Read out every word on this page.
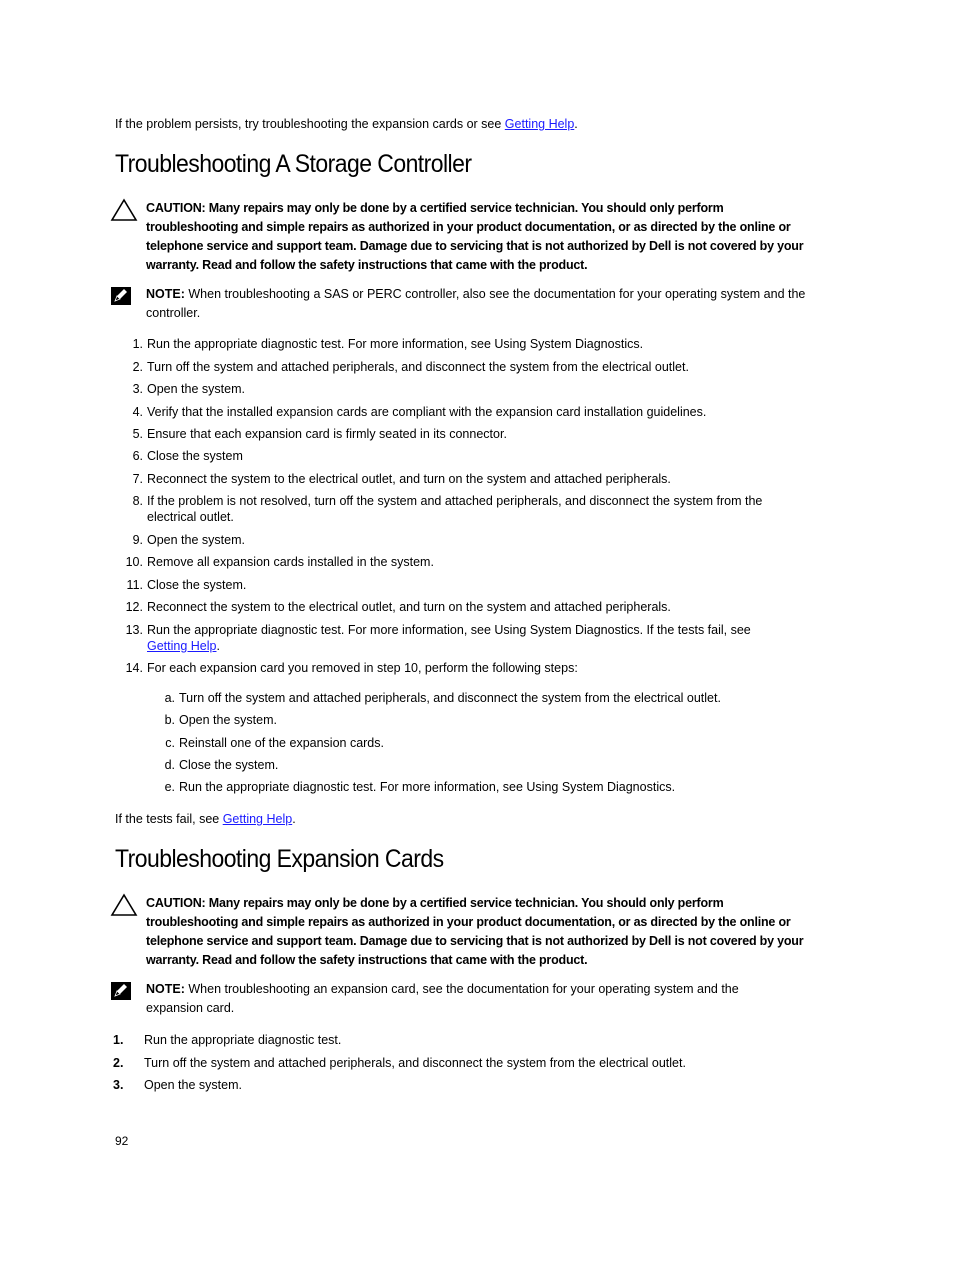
If the problem persists, try troubleshooting the expansion cards or see Getting Help.
Troubleshooting A Storage Controller
CAUTION: Many repairs may only be done by a certified service technician. You should only perform troubleshooting and simple repairs as authorized in your product documentation, or as directed by the online or telephone service and support team. Damage due to servicing that is not authorized by Dell is not covered by your warranty. Read and follow the safety instructions that came with the product.
NOTE: When troubleshooting a SAS or PERC controller, also see the documentation for your operating system and the controller.
1. Run the appropriate diagnostic test. For more information, see Using System Diagnostics.
2. Turn off the system and attached peripherals, and disconnect the system from the electrical outlet.
3. Open the system.
4. Verify that the installed expansion cards are compliant with the expansion card installation guidelines.
5. Ensure that each expansion card is firmly seated in its connector.
6. Close the system
7. Reconnect the system to the electrical outlet, and turn on the system and attached peripherals.
8. If the problem is not resolved, turn off the system and attached peripherals, and disconnect the system from the electrical outlet.
9. Open the system.
10. Remove all expansion cards installed in the system.
11. Close the system.
12. Reconnect the system to the electrical outlet, and turn on the system and attached peripherals.
13. Run the appropriate diagnostic test. For more information, see Using System Diagnostics. If the tests fail, see Getting Help.
14. For each expansion card you removed in step 10, perform the following steps:
a. Turn off the system and attached peripherals, and disconnect the system from the electrical outlet.
b. Open the system.
c. Reinstall one of the expansion cards.
d. Close the system.
e. Run the appropriate diagnostic test. For more information, see Using System Diagnostics.
If the tests fail, see Getting Help.
Troubleshooting Expansion Cards
CAUTION: Many repairs may only be done by a certified service technician. You should only perform troubleshooting and simple repairs as authorized in your product documentation, or as directed by the online or telephone service and support team. Damage due to servicing that is not authorized by Dell is not covered by your warranty. Read and follow the safety instructions that came with the product.
NOTE: When troubleshooting an expansion card, see the documentation for your operating system and the expansion card.
1.	Run the appropriate diagnostic test.
2.	Turn off the system and attached peripherals, and disconnect the system from the electrical outlet.
3.	Open the system.
92
